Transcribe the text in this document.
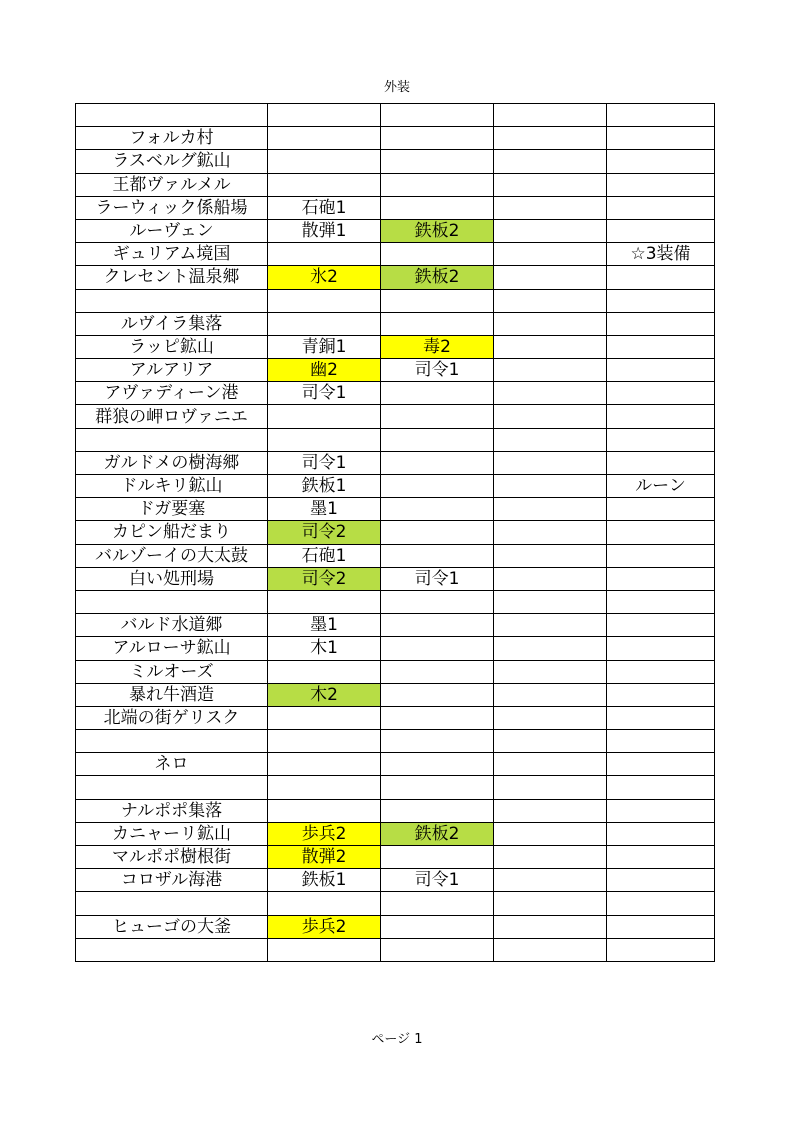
外装

フォルカ村				
ラスベルグ鉱山				
王都ヴァルメル				
ラーウィック係船場	石砲1			
ルーヴェン	散弾1	鉄板2		
ギュリアム境国				☆3装備
クレセント温泉郷	氷2	鉄板2		

ルヴイラ集落				
ラッピ鉱山	青銅1	毒2		
アルアリア	幽2	司令1		
アヴァディーン港	司令1			
群狼の岬ロヴァニエ				

ガルドメの樹海郷	司令1			
ドルキリ鉱山	鉄板1			ルーン
ドガ要塞	墨1			
カピン船だまり	司令2			
バルゾーイの大太鼓	石砲1			
白い処刑場	司令2	司令1		

バルド水道郷	墨1			
アルローサ鉱山	木1			
ミルオーズ				
暴れ牛酒造	木2			
北端の街ゲリスク				

ネロ				

ナルポポ集落				
カニャーリ鉱山	歩兵2	鉄板2		
マルポポ樹根街	散弾2			
コロザル海港	鉄板1	司令1		

ヒューゴの大釜	歩兵2			

ページ 1
